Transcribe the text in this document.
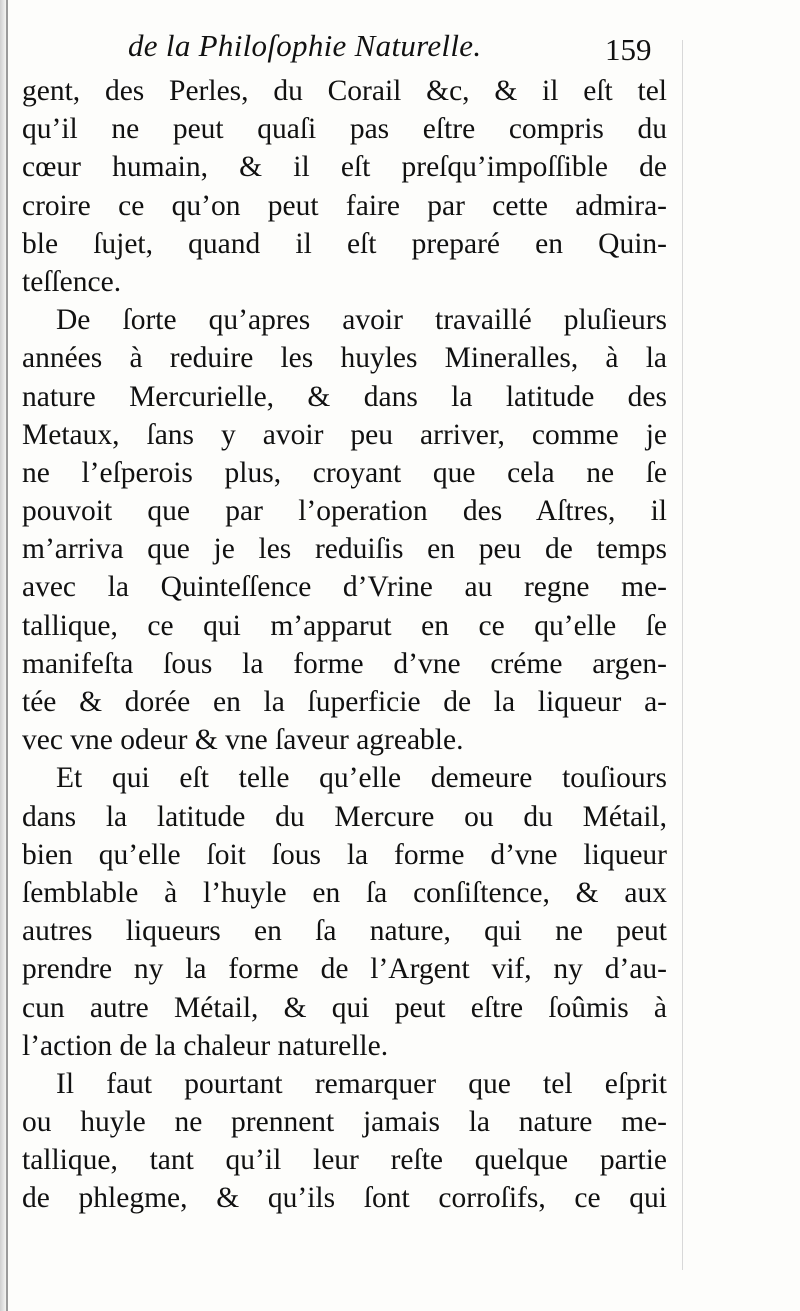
de la Philoſophie Naturelle.	159
gent, des Perles, du Corail &c, & il eſt tel
qu’il ne peut quaſi pas eſtre compris du
cœur humain, & il eſt preſqu’impoſſible de
croire ce qu’on peut faire par cette admira-
ble ſujet, quand il eſt preparé en Quin-
teſſence.
De ſorte qu’apres avoir travaillé pluſieurs
années à reduire les huyles Mineralles, à la
nature Mercurielle, & dans la latitude des
Metaux, ſans y avoir peu arriver, comme je
ne l’eſperois plus, croyant que cela ne ſe
pouvoit que par l’operation des Aſtres, il
m’arriva que je les reduiſis en peu de temps
avec la Quinteſſence d’Vrine au regne me-
tallique, ce qui m’apparut en ce qu’elle ſe
manifeſta ſous la forme d’vne créme argen-
tée & dorée en la ſuperficie de la liqueur a-
vec vne odeur & vne ſaveur agreable.
Et qui eſt telle qu’elle demeure touſiours
dans la latitude du Mercure ou du Métail,
bien qu’elle ſoit ſous la forme d’vne liqueur
ſemblable à l’huyle en ſa conſiſtence, & aux
autres liqueurs en ſa nature, qui ne peut
prendre ny la forme de l’Argent vif, ny d’au-
cun autre Métail, & qui peut eſtre ſoûmis à
l’action de la chaleur naturelle.
Il faut pourtant remarquer que tel eſprit
ou huyle ne prennent jamais la nature me-
tallique, tant qu’il leur reſte quelque partie
de phlegme, & qu’ils ſont corroſifs, ce qui
